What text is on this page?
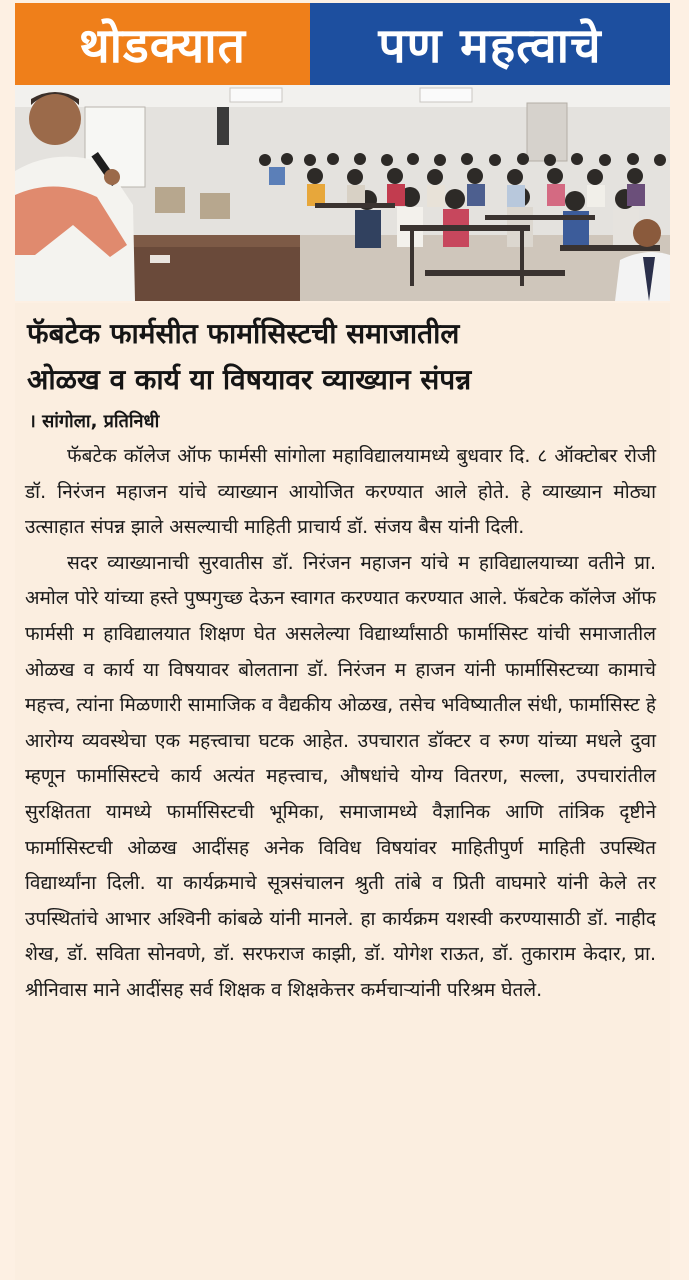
थोडक्यात	पण महत्वाचे
फॅबटेक फार्मसीत फार्मासिस्टची समाजातील
ओळख व कार्य या विषयावर व्याख्यान संपन्न
। सांगोला, प्रतिनिधी

फॅबटेक कॉलेज ऑफ फार्मसी सांगोला महाविद्यालयामध्ये बुधवार दि. ८ ऑक्टोबर रोजी डॉ. निरंजन महाजन यांचे व्याख्यान आयोजित करण्यात आले होते. हे व्याख्यान मोठ्या उत्साहात संपन्न झाले असल्याची माहिती प्राचार्य डॉ. संजय बैस यांनी दिली.

सदर व्याख्यानाची सुरवातीस डॉ. निरंजन महाजन यांचे म हाविद्यालयाच्या वतीने प्रा. अमोल पोरे यांच्या हस्ते पुष्पगुच्छ देऊन स्वागत करण्यात करण्यात आले. फॅबटेक कॉलेज ऑफ फार्मसी म हाविद्यालयात शिक्षण घेत असलेल्या विद्यार्थ्यांसाठी फार्मासिस्ट यांची समाजातील ओळख व कार्य या विषयावर बोलताना डॉ. निरंजन म हाजन यांनी फार्मासिस्टच्या कामाचे महत्त्व, त्यांना मिळणारी सामाजिक व वैद्यकीय ओळख, तसेच भविष्यातील संधी, फार्मासिस्ट हे आरोग्य व्यवस्थेचा एक महत्त्वाचा घटक आहेत. उपचारात डॉक्टर व रुग्ण यांच्या मधले दुवा म्हणून फार्मासिस्टचे कार्य अत्यंत महत्त्वाच, औषधांचे योग्य वितरण, सल्ला, उपचारांतील सुरक्षितता यामध्ये फार्मासिस्टची भूमिका, समाजामध्ये वैज्ञानिक आणि तांत्रिक दृष्टीने फार्मासिस्टची ओळख आदींसह अनेक विविध विषयांवर माहितीपुर्ण माहिती उपस्थित विद्यार्थ्यांना दिली. या कार्यक्रमाचे सूत्रसंचालन श्रुती तांबे व प्रिती वाघमारे यांनी केले तर उपस्थितांचे आभार अश्विनी कांबळे यांनी मानले. हा कार्यक्रम यशस्वी करण्यासाठी डॉ. नाहीद शेख, डॉ. सविता सोनवणे, डॉ. सरफराज काझी, डॉ. योगेश राऊत, डॉ. तुकाराम केदार, प्रा. श्रीनिवास माने आदींसह सर्व शिक्षक व शिक्षकेत्तर कर्मचाऱ्यांनी परिश्रम घेतले.
